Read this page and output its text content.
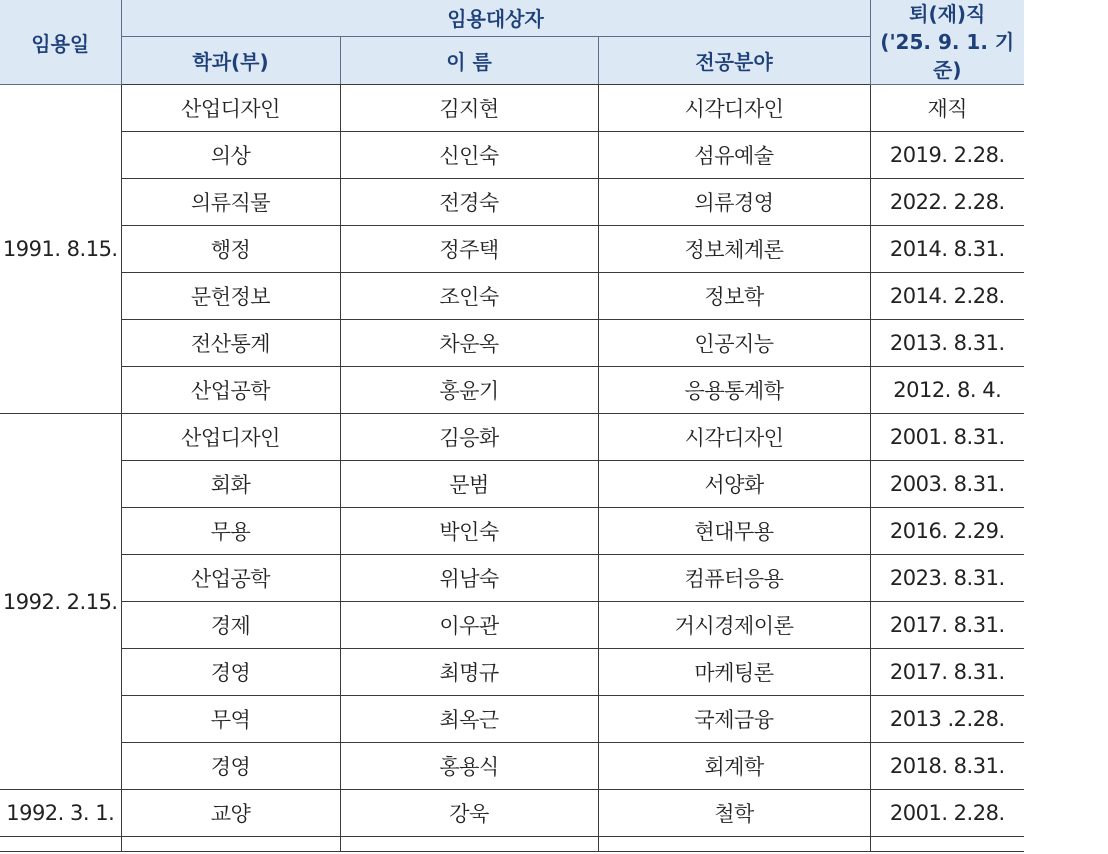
임용일	임용대상자			퇴(재)직
('25. 9. 1. 기준)

	학과(부)	이 름	전공분야	
1991. 8.15.	산업디자인	김지현	시각디자인	재직
	의상	신인숙	섬유예술	2019. 2.28.
	의류직물	전경숙	의류경영	2022. 2.28.
	행정	정주택	정보체계론	2014. 8.31.
	문헌정보	조인숙	정보학	2014. 2.28.
	전산통계	차운옥	인공지능	2013. 8.31.
	산업공학	홍윤기	응용통계학	2012. 8. 4.
1992. 2.15.	산업디자인	김응화	시각디자인	2001. 8.31.
	회화	문범	서양화	2003. 8.31.
	무용	박인숙	현대무용	2016. 2.29.
	산업공학	위남숙	컴퓨터응용	2023. 8.31.
	경제	이우관	거시경제이론	2017. 8.31.
	경영	최명규	마케팅론	2017. 8.31.
	무역	최옥근	국제금융	2013 .2.28.
	경영	홍용식	회계학	2018. 8.31.
1992. 3. 1.	교양	강욱	철학	2001. 2.28.
